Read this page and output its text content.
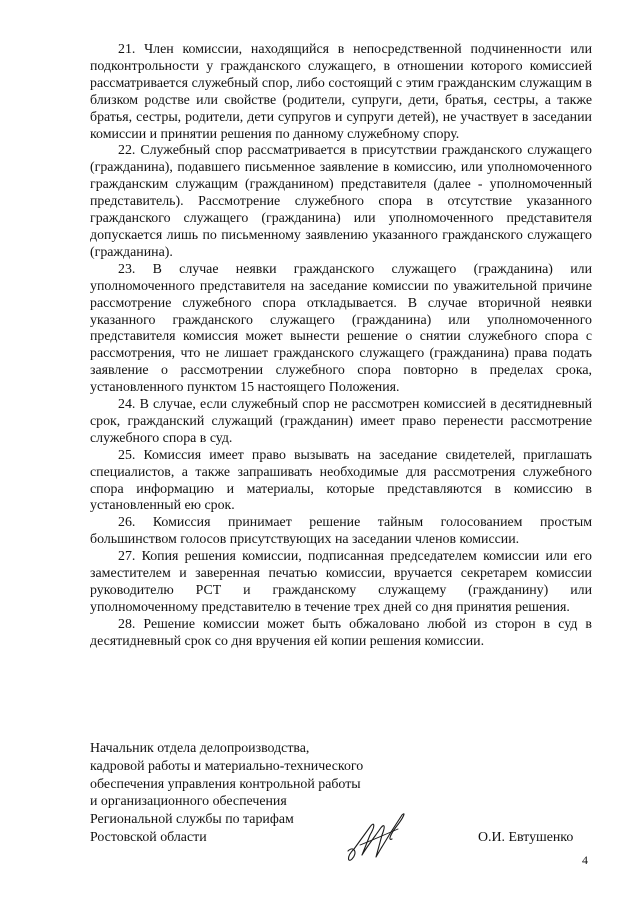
21. Член комиссии, находящийся в непосредственной подчиненности или подконтрольности у гражданского служащего, в отношении которого комиссией рассматривается служебный спор, либо состоящий с этим гражданским служащим в близком родстве или свойстве (родители, супруги, дети, братья, сестры, а также братья, сестры, родители, дети супругов и супруги детей), не участвует в заседании комиссии и принятии решения по данному служебному спору.

22. Служебный спор рассматривается в присутствии гражданского служащего (гражданина), подавшего письменное заявление в комиссию, или уполномоченного гражданским служащим (гражданином) представителя (далее - уполномоченный представитель). Рассмотрение служебного спора в отсутствие указанного гражданского служащего (гражданина) или уполномоченного представителя допускается лишь по письменному заявлению указанного гражданского служащего (гражданина).

23. В случае неявки гражданского служащего (гражданина) или уполномоченного представителя на заседание комиссии по уважительной причине рассмотрение служебного спора откладывается. В случае вторичной неявки указанного гражданского служащего (гражданина) или уполномоченного представителя комиссия может вынести решение о снятии служебного спора с рассмотрения, что не лишает гражданского служащего (гражданина) права подать заявление о рассмотрении служебного спора повторно в пределах срока, установленного пунктом 15 настоящего Положения.

24. В случае, если служебный спор не рассмотрен комиссией в десятидневный срок, гражданский служащий (гражданин) имеет право перенести рассмотрение служебного спора в суд.

25. Комиссия имеет право вызывать на заседание свидетелей, приглашать специалистов, а также запрашивать необходимые для рассмотрения служебного спора информацию и материалы, которые представляются в комиссию в установленный ею срок.

26. Комиссия принимает решение тайным голосованием простым большинством голосов присутствующих на заседании членов комиссии.

27. Копия решения комиссии, подписанная председателем комиссии или его заместителем и заверенная печатью комиссии, вручается секретарем комиссии руководителю РСТ и гражданскому служащему (гражданину) или уполномоченному представителю в течение трех дней со дня принятия решения.

28. Решение комиссии может быть обжаловано любой из сторон в суд в десятидневный срок со дня вручения ей копии решения комиссии.

Начальник отдела делопроизводства,
кадровой работы и материально-технического
обеспечения управления контрольной работы
и организационного обеспечения
Региональной службы по тарифам
Ростовской области	О.И. Евтушенко
4
